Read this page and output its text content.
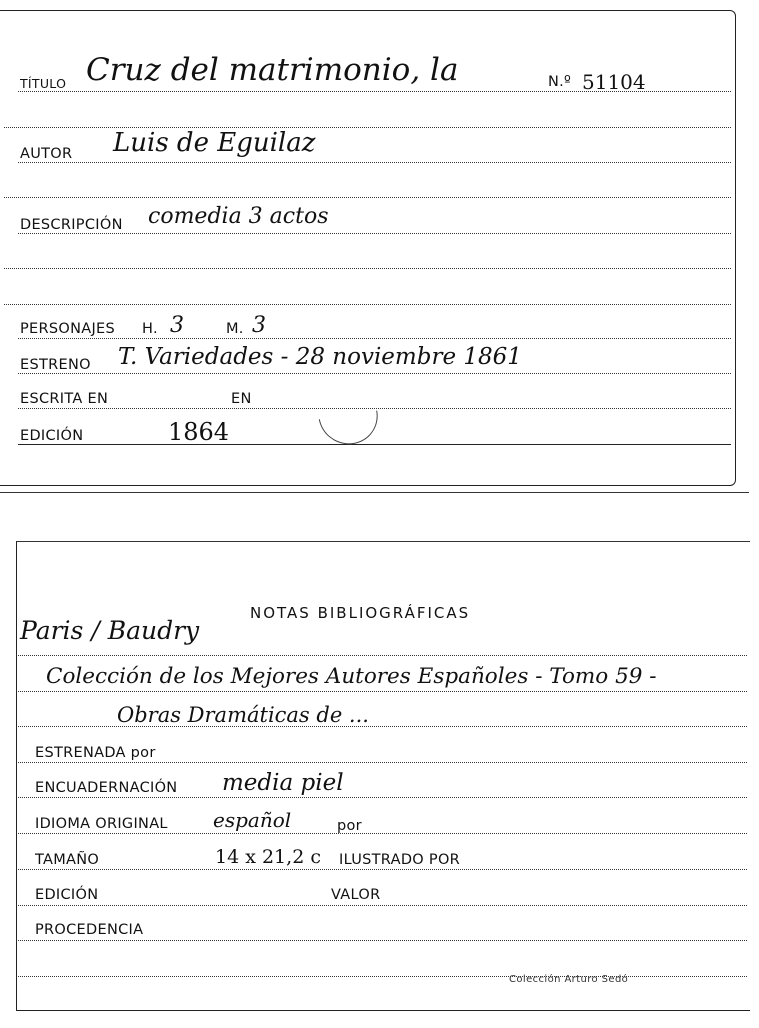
TÍTULO Cruz del matrimonio, la	N.º 51104
AUTOR Luis de Eguilaz
DESCRIPCIÓN comedia 3 actos
PERSONAJES H. 3	M. 3
ESTRENO T. Variedades - 28 noviembre 1861
ESCRITA EN	EN
EDICIÓN	1864
NOTAS BIBLIOGRÁFICAS
Paris / Baudry
Colección de los Mejores Autores Españoles - Tomo 59 -
Obras Dramáticas de ...
ESTRENADA por
ENCUADERNACIÓN media piel
IDIOMA ORIGINAL español	por
TAMAÑO	14 x 21,2 c ILUSTRADO POR
EDICIÓN	VALOR
PROCEDENCIA
Colección Arturo Sedó
